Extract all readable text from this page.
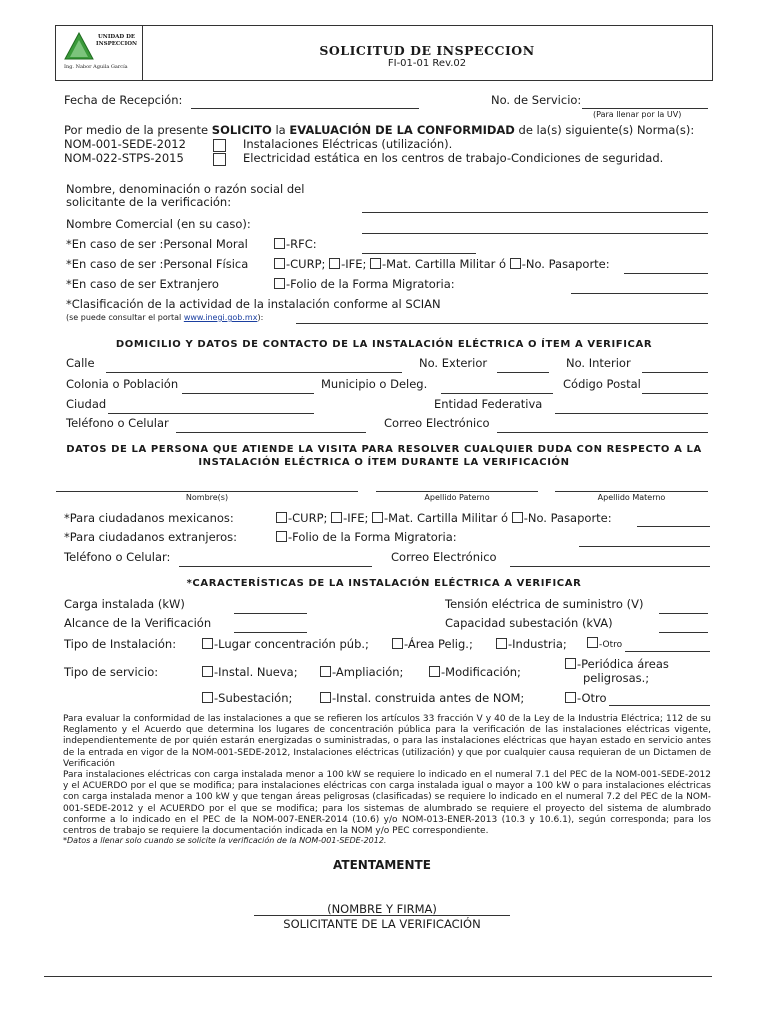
UNIDAD DE
INSPECCION
Ing. Nabor Aguila García
SOLICITUD DE INSPECCION
FI-01-01 Rev.02
Fecha de Recepción:	No. de Servicio:
(Para llenar por la UV)
Por medio de la presente SOLICITO la EVALUACIÓN DE LA CONFORMIDAD de la(s) siguiente(s) Norma(s):
NOM-001-SEDE-2012	Instalaciones Eléctricas (utilización).
NOM-022-STPS-2015	Electricidad estática en los centros de trabajo-Condiciones de seguridad.
Nombre, denominación o razón social del
solicitante de la verificación:
Nombre Comercial (en su caso):
*En caso de ser :Personal Moral	-RFC:
*En caso de ser :Personal Física	-CURP; -IFE; -Mat. Cartilla Militar ó -No. Pasaporte:
*En caso de ser Extranjero	-Folio de la Forma Migratoria:
*Clasificación de la actividad de la instalación conforme al SCIAN
(se puede consultar el portal www.inegi.gob.mx):
DOMICILIO Y DATOS DE CONTACTO DE LA INSTALACIÓN ELÉCTRICA O ÍTEM A VERIFICAR
Calle	No. Exterior	No. Interior
Colonia o Población	Municipio o Deleg.	Código Postal
Ciudad	Entidad Federativa
Teléfono o Celular	Correo Electrónico
DATOS DE LA PERSONA QUE ATIENDE LA VISITA PARA RESOLVER CUALQUIER DUDA CON RESPECTO A LA
INSTALACIÓN ELÉCTRICA O ÍTEM DURANTE LA VERIFICACIÓN
Nombre(s)	Apellido Paterno	Apellido Materno
*Para ciudadanos mexicanos:	-CURP; -IFE; -Mat. Cartilla Militar ó -No. Pasaporte:
*Para ciudadanos extranjeros:	-Folio de la Forma Migratoria:
Teléfono o Celular:	Correo Electrónico
*CARACTERÍSTICAS DE LA INSTALACIÓN ELÉCTRICA A VERIFICAR
Carga instalada (kW)	Tensión eléctrica de suministro (V)
Alcance de la Verificación	Capacidad subestación (kVA)
Tipo de Instalación:	-Lugar concentración púb.;	-Área Pelig.;	-Industria;	-Otro
Tipo de servicio:	-Instal. Nueva;	-Ampliación;	-Modificación;
-Periódica áreas
peligrosas.;
-Subestación;	-Instal. construida antes de NOM;	-Otro
Para evaluar la conformidad de las instalaciones a que se refieren los artículos 33 fracción V y 40 de la Ley de la Industria Eléctrica; 112 de su Reglamento y el Acuerdo que determina los lugares de concentración pública para la verificación de las instalaciones eléctricas vigente, independientemente de por quién estarán energizadas o suministradas, o para las instalaciones eléctricas que hayan estado en servicio antes de la entrada en vigor de la NOM-001-SEDE-2012, Instalaciones eléctricas (utilización) y que por cualquier causa requieran de un Dictamen de Verificación
Para instalaciones eléctricas con carga instalada menor a 100 kW se requiere lo indicado en el numeral 7.1 del PEC de la NOM-001-SEDE-2012 y el ACUERDO por el que se modifica; para instalaciones eléctricas con carga instalada igual o mayor a 100 kW o para instalaciones eléctricas con carga instalada menor a 100 kW y que tengan áreas peligrosas (clasificadas) se requiere lo indicado en el numeral 7.2 del PEC de la NOM-001-SEDE-2012 y el ACUERDO por el que se modifica; para los sistemas de alumbrado se requiere el proyecto del sistema de alumbrado conforme a lo indicado en el PEC de la NOM-007-ENER-2014 (10.6) y/o NOM-013-ENER-2013 (10.3 y 10.6.1), según corresponda; para los centros de trabajo se requiere la documentación indicada en la NOM y/o PEC correspondiente.
*Datos a llenar solo cuando se solicite la verificación de la NOM-001-SEDE-2012.
ATENTAMENTE
(NOMBRE Y FIRMA)
SOLICITANTE DE LA VERIFICACIÓN
